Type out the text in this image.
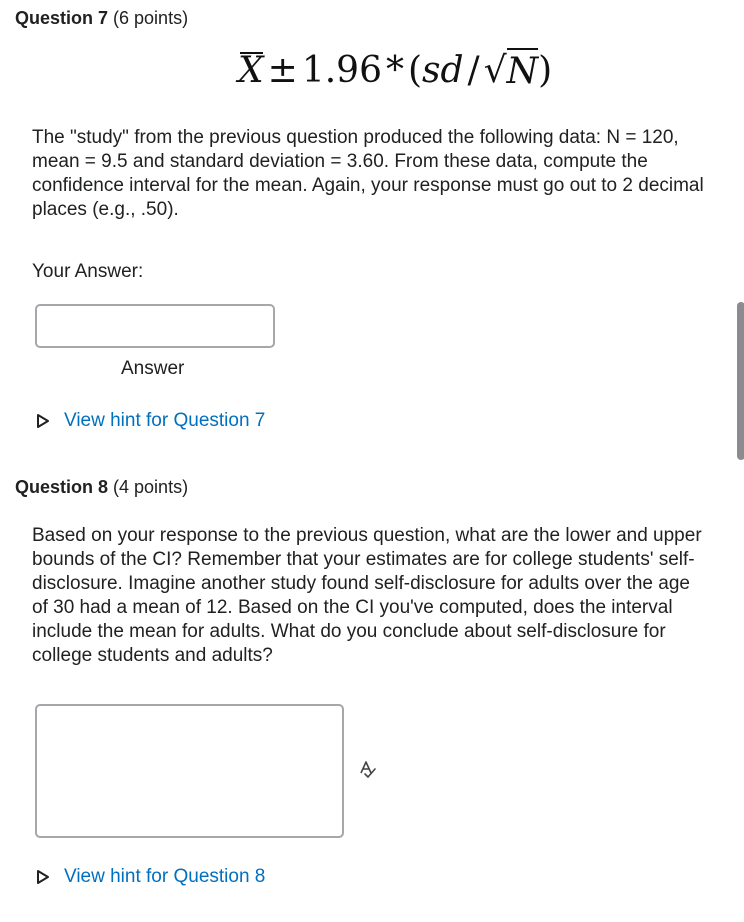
Question 7 (6 points)
X ± 1.96 * ( sd / √ N )
The "study" from the previous question produced the following data: N = 120,
mean = 9.5 and standard deviation = 3.60. From these data, compute the
confidence interval for the mean. Again, your response must go out to 2 decimal
places (e.g., .50).
Your Answer:
Answer
View hint for Question 7
Question 8 (4 points)
Based on your response to the previous question, what are the lower and upper
bounds of the CI? Remember that your estimates are for college students' self-
disclosure. Imagine another study found self-disclosure for adults over the age
of 30 had a mean of 12. Based on the CI you've computed, does the interval
include the mean for adults. What do you conclude about self-disclosure for
college students and adults?
View hint for Question 8
